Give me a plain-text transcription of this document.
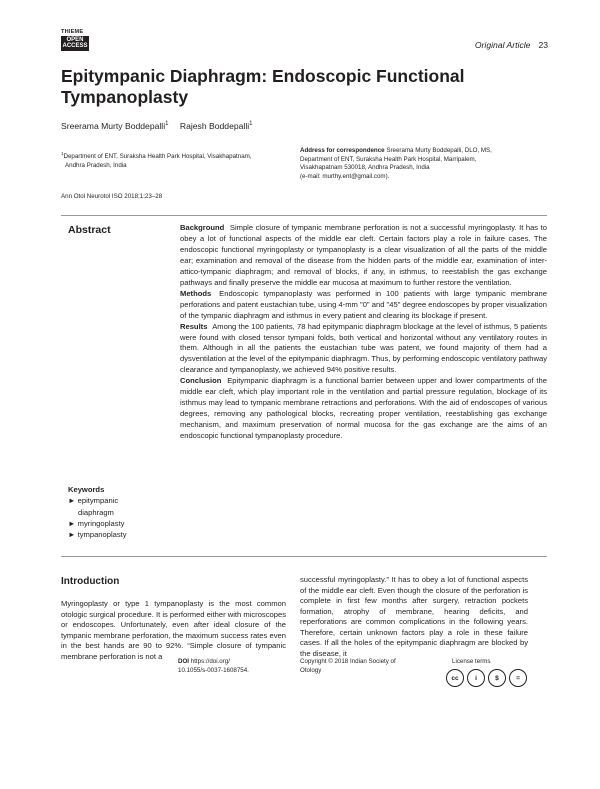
THIEME
OPEN
ACCESS	Original Article 23
Epitympanic Diaphragm: Endoscopic Functional
Tympanoplasty
Sreerama Murty Boddepalli$^1$ Rajesh Boddepalli$^1$
$^1$Department of ENT, Suraksha Health Park Hospital, Visakhapatnam,
Andhra Pradesh, India
Address for correspondence Sreerama Murty Boddepalli, DLO, MS,
Department of ENT, Suraksha Health Park Hospital, Marripalem,
Visakhapatnam 530018, Andhra Pradesh, India
(e-mail: murthy.ent@gmail.com).
Ann Otol Neurotol ISO 2018;1:23–28
Abstract	Background Simple closure of tympanic membrane perforation is not a successful myringoplasty. It has to obey a lot of functional aspects of the middle ear cleft. Certain factors play a role in failure cases. The endoscopic functional myringoplasty or tympanoplasty is a clear visualization of all the parts of the middle ear; examination and removal of the disease from the hidden parts of the middle ear, examination of inter-attico-tympanic diaphragm; and removal of blocks, if any, in isthmus, to reestablish the gas exchange pathways and finally preserve the middle ear mucosa at maximum to further restore the ventilation.

Methods Endoscopic tympanoplasty was performed in 100 patients with large tympanic membrane perforations and patent eustachian tube, using 4-mm "0" and "45" degree endoscopes by proper visualization of the tympanic diaphragm and isthmus in every patient and clearing its blockage if present.

Results Among the 100 patients, 78 had epitympanic diaphragm blockage at the level of isthmus, 5 patients were found with closed tensor tympani folds, both vertical and horizontal without any ventilatory routes in them. Although in all the patients the eustachian tube was patent, we found majority of them had a dysventilation at the level of the epitympanic diaphragm. Thus, by performing endoscopic ventilatory pathway clearance and tympanoplasty, we achieved 94% positive results.

Conclusion Epitympanic diaphragm is a functional barrier between upper and lower compartments of the middle ear cleft, which play important role in the ventilation and partial pressure regulation, blockage of its isthmus may lead to tympanic membrane retractions and perforations. With the aid of endoscopes of various degrees, removing any pathological blocks, recreating proper ventilation, reestablishing gas exchange mechanism, and maximum preservation of normal mucosa for the gas exchange are the aims of an endoscopic functional tympanoplasty procedure.

Keywords
► epitympanic
diaphragm
► myringoplasty
► tympanoplasty
Introduction
Myringoplasty or type 1 tympanoplasty is the most common otologic surgical procedure. It is performed either with microscopes or endoscopes. Unfortunately, even after ideal closure of the tympanic membrane perforation, the maximum success rates even in the best hands are 90 to 92%. “Simple closure of tympanic membrane perforation is not a
successful myringoplasty.” It has to obey a lot of functional aspects of the middle ear cleft. Even though the closure of the perforation is complete in first few months after surgery, retraction pockets formation, atrophy of membrane, hearing deficits, and reperforations are common complications in the following years. Therefore, certain unknown factors play a role in these failure cases. If all the holes of the epitympanic diaphragm are blocked by the disease, it
DOI https://doi.org/
10.1055/s-0037-1608754.
Copyright © 2018 Indian Society of
Otology
License terms
cc	i	$	=
